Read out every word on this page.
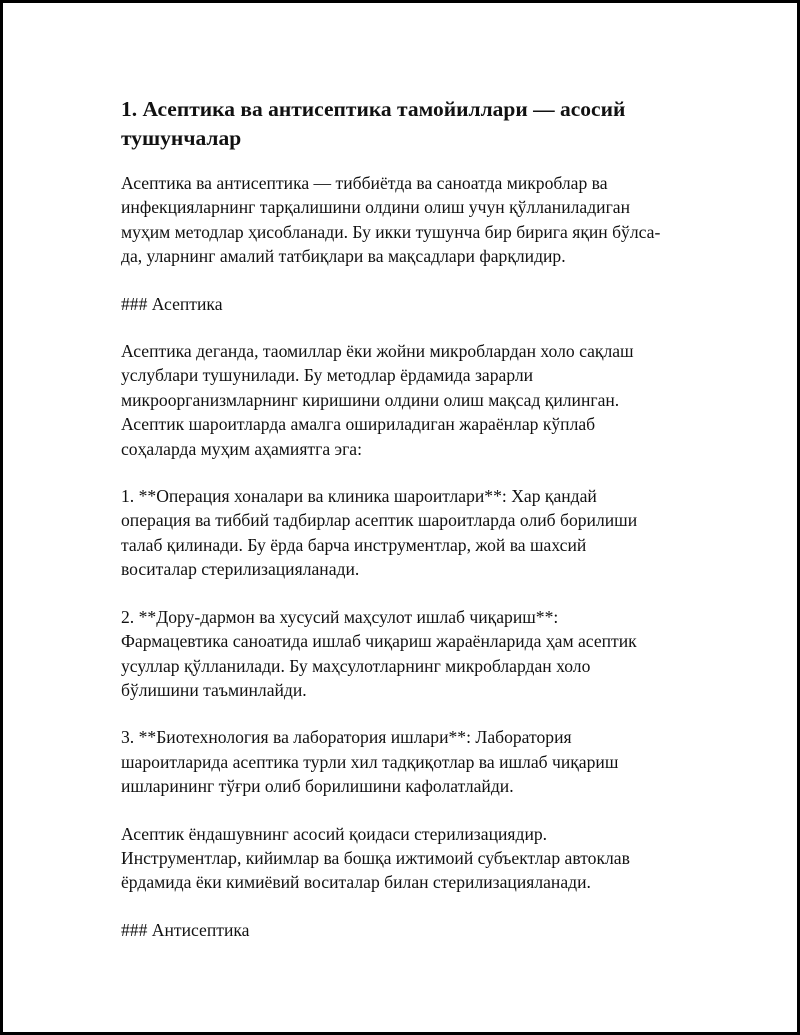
1. Асептика ва антисептика тамойиллари — асосий тушунчалар

Асептика ва антисептика — тиббиётда ва саноатда микроблар ва
инфекцияларнинг тарқалишини олдини олиш учун қўлланиладиган
муҳим методлар ҳисобланади. Бу икки тушунча бир бирига яқин бўлса-
да, уларнинг амалий татбиқлари ва мақсадлари фарқлидир.

### Асептика

Асептика деганда, таомиллар ёки жойни микроблардан холо сақлаш
услублари тушунилади. Бу методлар ёрдамида зарарли
микроорганизмларнинг киришини олдини олиш мақсад қилинган.
Асептик шароитларда амалга ошириладиган жараёнлар кўплаб
соҳаларда муҳим аҳамиятга эга:

1. **Операция хоналари ва клиника шароитлари**: Хар қандай
операция ва тиббий тадбирлар асептик шароитларда олиб борилиши
талаб қилинади. Бу ёрда барча инструментлар, жой ва шахсий
воситалар стерилизацияланади.

2. **Дору-дармон ва хусусий маҳсулот ишлаб чиқариш**:
Фармацевтика саноатида ишлаб чиқариш жараёнларида ҳам асептик
усуллар қўлланилади. Бу маҳсулотларнинг микроблардан холо
бўлишини таъминлайди.

3. **Биотехнология ва лаборатория ишлари**: Лаборатория
шароитларида асептика турли хил тадқиқотлар ва ишлаб чиқариш
ишларининг тўғри олиб борилишини кафолатлайди.

Асептик ёндашувнинг асосий қоидаси стерилизациядир.
Инструментлар, кийимлар ва бошқа ижтимоий субъектлар автоклав
ёрдамида ёки кимиёвий воситалар билан стерилизацияланади.

### Антисептика
